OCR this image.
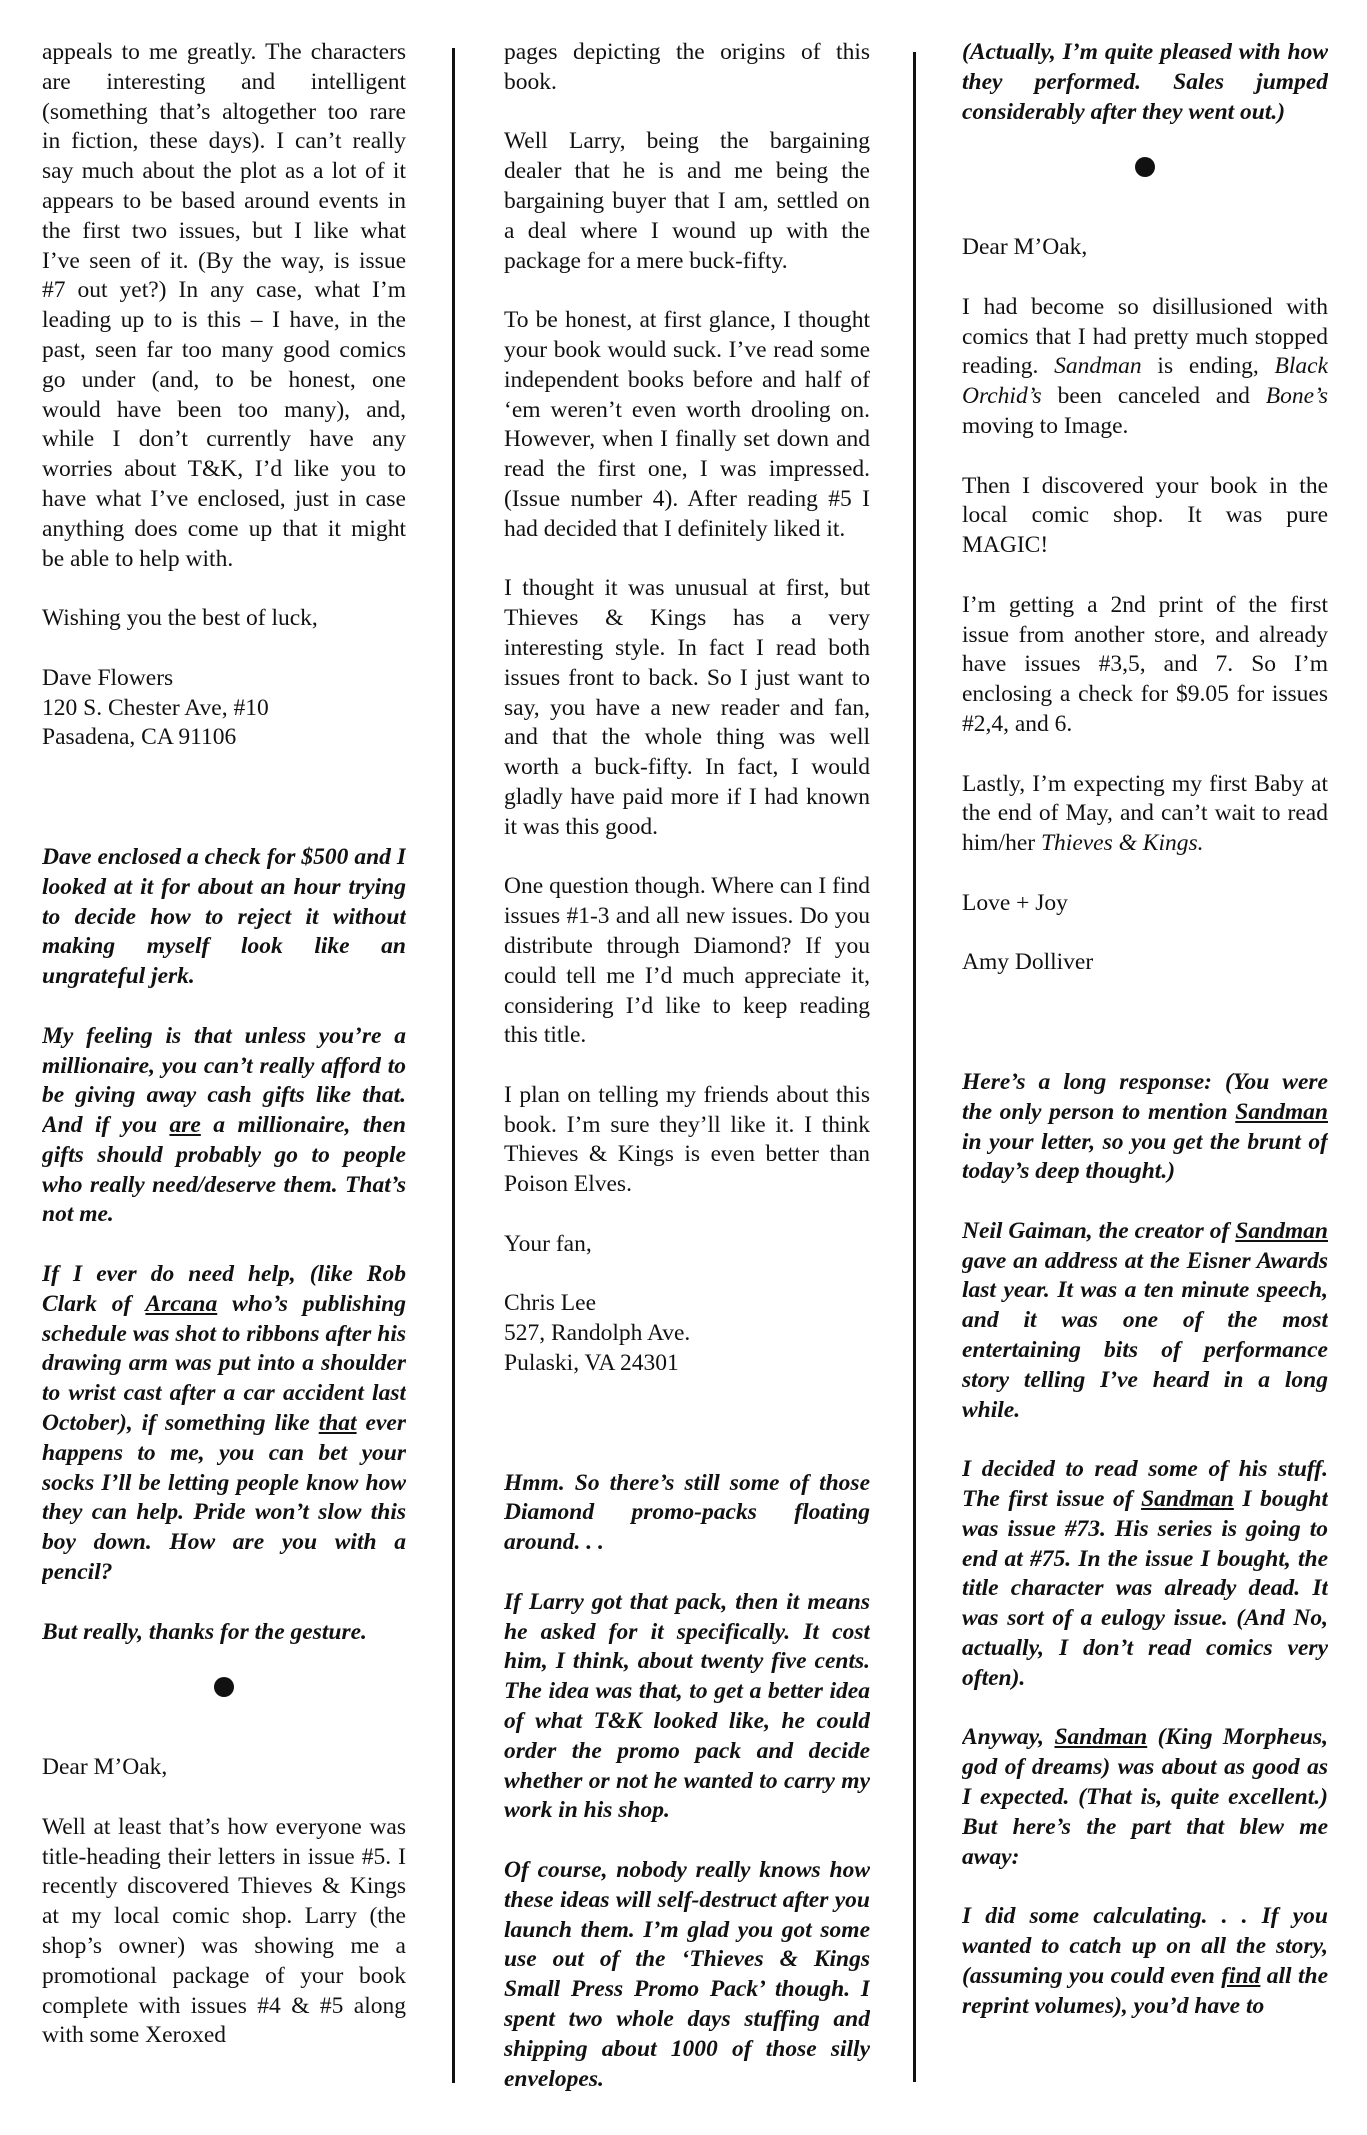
appeals to me greatly. The characters are interesting and intelligent (something that’s altogether too rare in fiction, these days). I can’t really say much about the plot as a lot of it appears to be based around events in the first two issues, but I like what I’ve seen of it. (By the way, is issue #7 out yet?) In any case, what I’m leading up to is this – I have, in the past, seen far too many good comics go under (and, to be honest, one would have been too many), and, while I don’t currently have any worries about T&K, I’d like you to have what I’ve enclosed, just in case anything does come up that it might be able to help with.

Wishing you the best of luck,

Dave Flowers
120 S. Chester Ave, #10
Pasadena, CA 91106

Dave enclosed a check for $500 and I looked at it for about an hour trying to decide how to reject it without making myself look like an ungrateful jerk.

My feeling is that unless you’re a millionaire, you can’t really afford to be giving away cash gifts like that. And if you are a millionaire, then gifts should probably go to people who really need/deserve them. That’s not me.

If I ever do need help, (like Rob Clark of Arcana who’s publishing schedule was shot to ribbons after his drawing arm was put into a shoulder to wrist cast after a car accident last October), if something like that ever happens to me, you can bet your socks I’ll be letting people know how they can help. Pride won’t slow this boy down. How are you with a pencil?

But really, thanks for the gesture.

Dear M’Oak,

Well at least that’s how everyone was title-heading their letters in issue #5. I recently discovered Thieves & Kings at my local comic shop. Larry (the shop’s owner) was showing me a promotional package of your book complete with issues #4 & #5 along with some Xeroxed

pages depicting the origins of this book.

Well Larry, being the bargaining dealer that he is and me being the bargaining buyer that I am, settled on a deal where I wound up with the package for a mere buck-fifty.

To be honest, at first glance, I thought your book would suck. I’ve read some independent books before and half of ‘em weren’t even worth drooling on. However, when I finally set down and read the first one, I was impressed. (Issue number 4). After reading #5 I had decided that I definitely liked it.

I thought it was unusual at first, but Thieves & Kings has a very interesting style. In fact I read both issues front to back. So I just want to say, you have a new reader and fan, and that the whole thing was well worth a buck-fifty. In fact, I would gladly have paid more if I had known it was this good.

One question though. Where can I find issues #1-3 and all new issues. Do you distribute through Diamond? If you could tell me I’d much appreciate it, considering I’d like to keep reading this title.

I plan on telling my friends about this book. I’m sure they’ll like it. I think Thieves & Kings is even better than Poison Elves.

Your fan,

Chris Lee
527, Randolph Ave.
Pulaski, VA 24301

Hmm. So there’s still some of those Diamond promo-packs floating around. . .

If Larry got that pack, then it means he asked for it specifically. It cost him, I think, about twenty five cents. The idea was that, to get a better idea of what T&K looked like, he could order the promo pack and decide whether or not he wanted to carry my work in his shop.

Of course, nobody really knows how these ideas will self-destruct after you launch them. I’m glad you got some use out of the ‘Thieves & Kings Small Press Promo Pack’ though. I spent two whole days stuffing and shipping about 1000 of those silly envelopes.

(Actually, I’m quite pleased with how they performed. Sales jumped considerably after they went out.)

Dear M’Oak,

I had become so disillusioned with comics that I had pretty much stopped reading. Sandman is ending, Black Orchid’s been canceled and Bone’s moving to Image.

Then I discovered your book in the local comic shop. It was pure MAGIC!

I’m getting a 2nd print of the first issue from another store, and already have issues #3,5, and 7. So I’m enclosing a check for $9.05 for issues #2,4, and 6.

Lastly, I’m expecting my first Baby at the end of May, and can’t wait to read him/her Thieves & Kings.

Love + Joy

Amy Dolliver

Here’s a long response: (You were the only person to mention Sandman in your letter, so you get the brunt of today’s deep thought.)

Neil Gaiman, the creator of Sandman gave an address at the Eisner Awards last year. It was a ten minute speech, and it was one of the most entertaining bits of performance story telling I’ve heard in a long while.

I decided to read some of his stuff. The first issue of Sandman I bought was issue #73. His series is going to end at #75. In the issue I bought, the title character was already dead. It was sort of a eulogy issue. (And No, actually, I don’t read comics very often).

Anyway, Sandman (King Morpheus, god of dreams) was about as good as I expected. (That is, quite excellent.) But here’s the part that blew me away:

I did some calculating. . . If you wanted to catch up on all the story, (assuming you could even find all the reprint volumes), you’d have to
